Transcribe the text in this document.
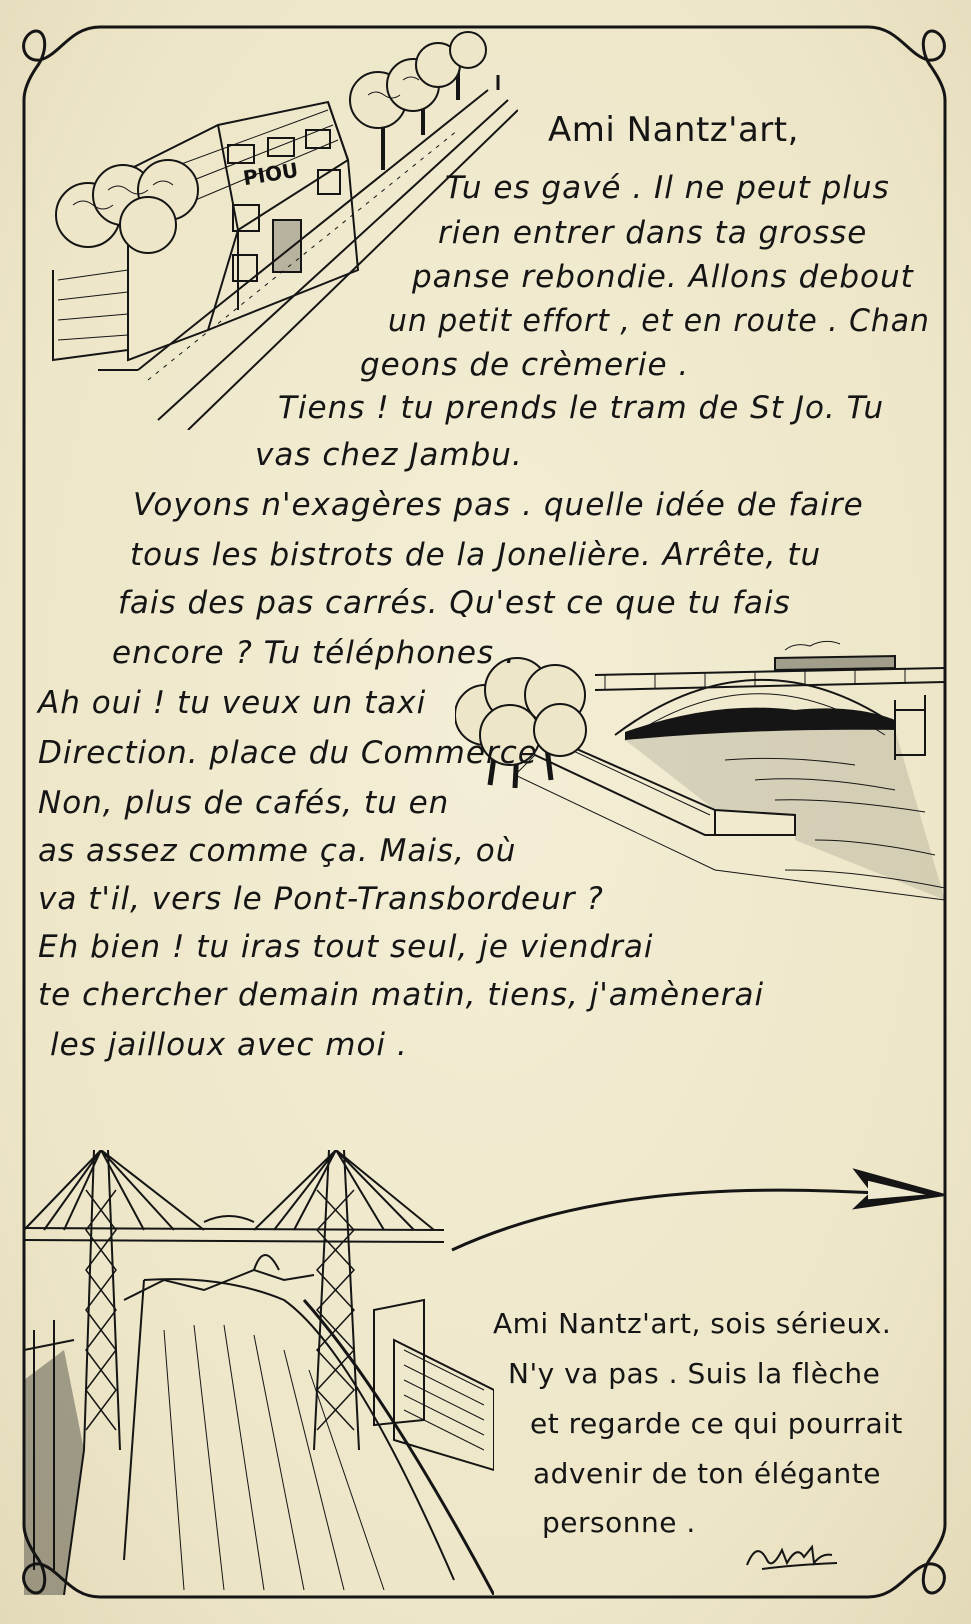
PIOU
Ami Nantz'art,
Tu es gavé . Il ne peut plus
rien entrer dans ta grosse
panse rebondie. Allons debout
un petit effort , et en route . Chan
geons de crèmerie .
Tiens ! tu prends le tram de St Jo. Tu
vas chez Jambu.
Voyons n'exagères pas . quelle idée de faire
tous les bistrots de la Jonelière. Arrête, tu
fais des pas carrés. Qu'est ce que tu fais
encore ? Tu téléphones .
Ah oui ! tu veux un taxi
Direction. place du Commerce
Non, plus de cafés, tu en
as assez comme ça. Mais, où
va t'il, vers le Pont-Transbordeur ?
Eh bien ! tu iras tout seul, je viendrai
te chercher demain matin, tiens, j'amènerai
les jailloux avec moi .
Ami Nantz'art, sois sérieux.
N'y va pas . Suis la flèche
et regarde ce qui pourrait
advenir de ton élégante
personne .
